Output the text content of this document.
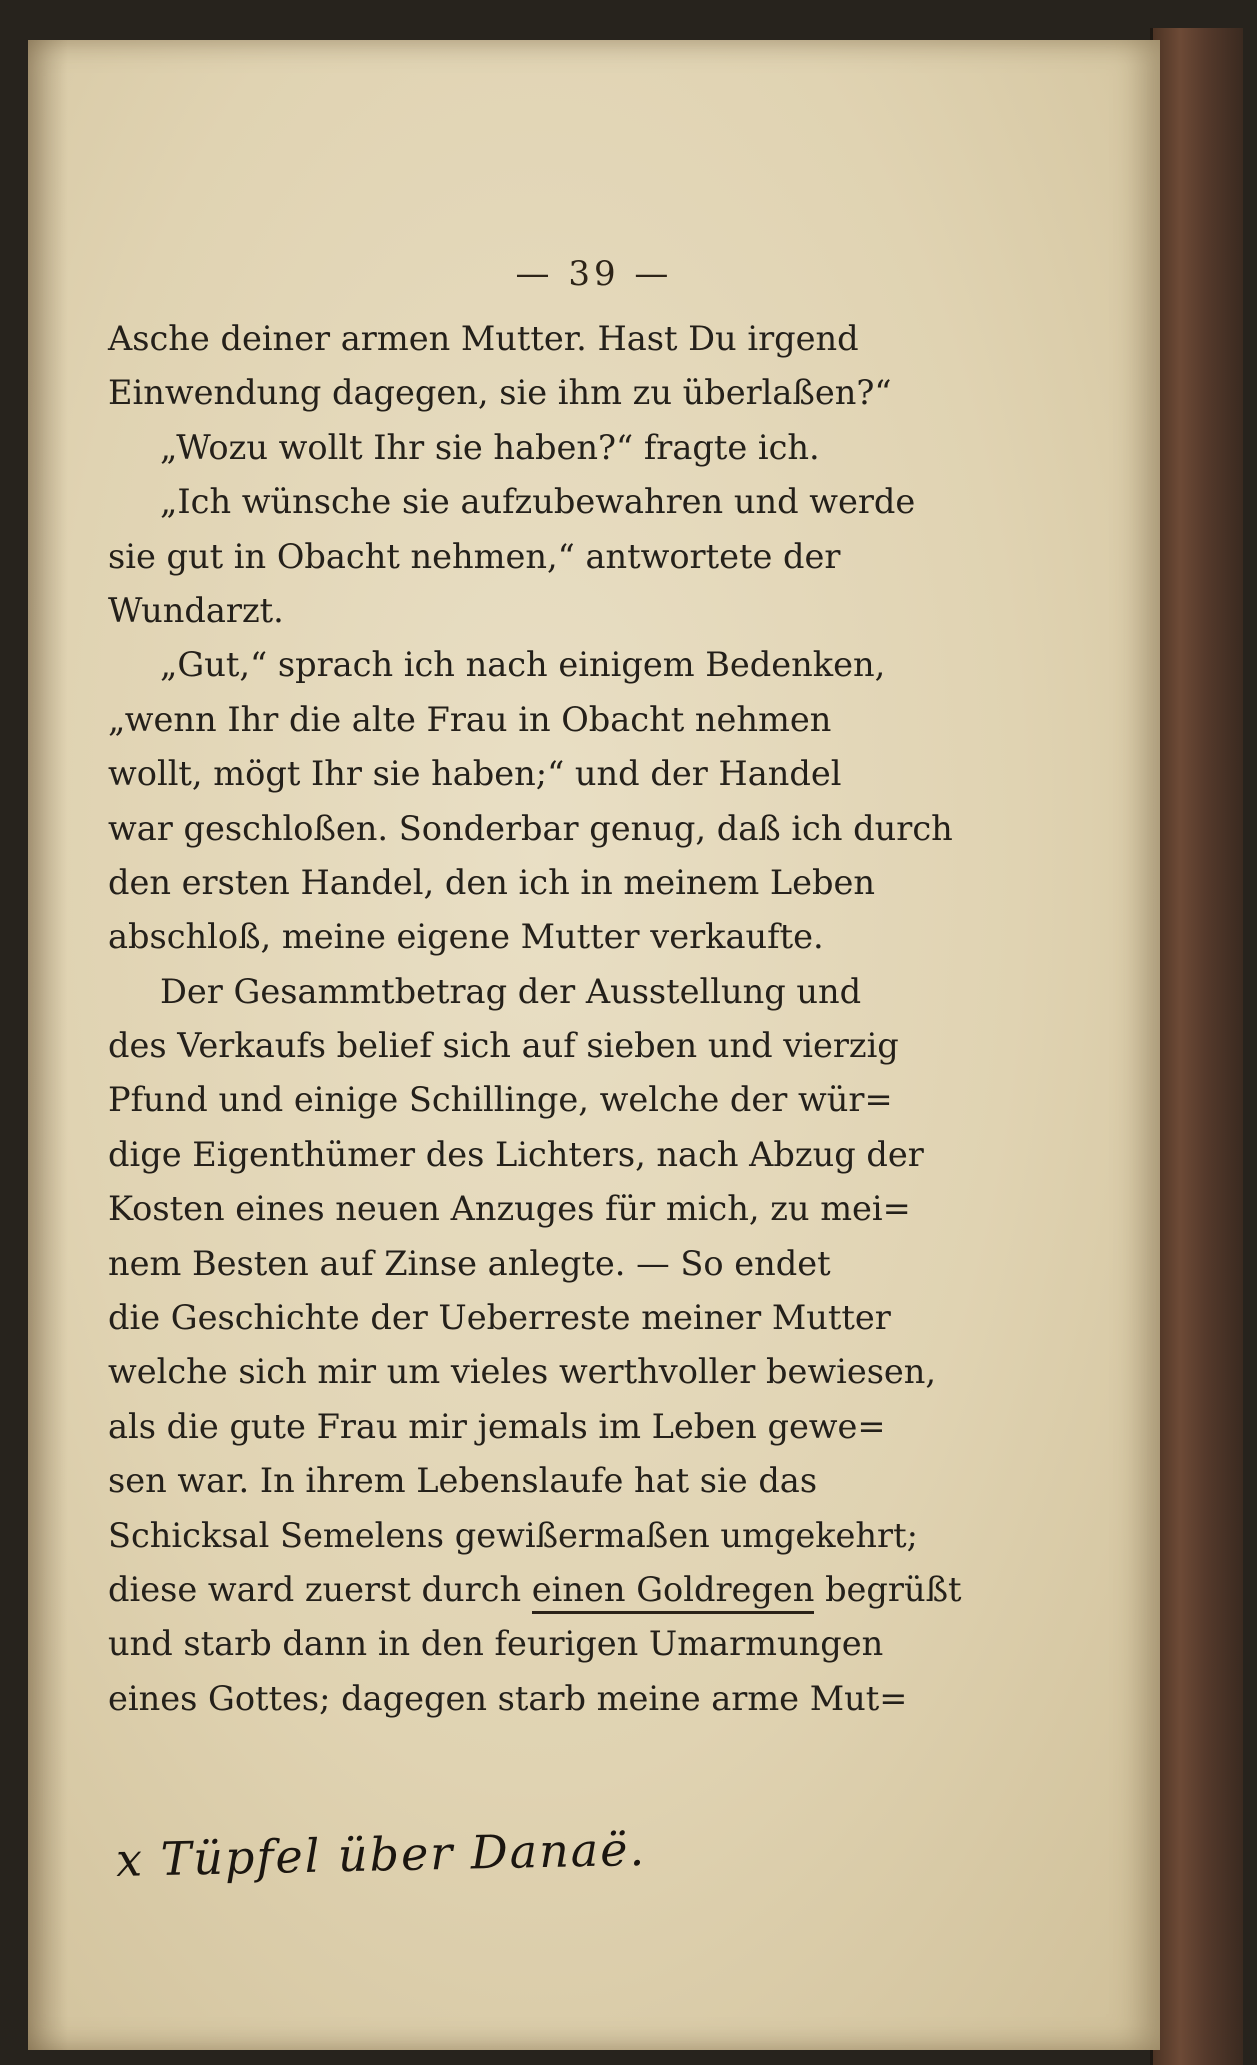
— 39 —
Asche deiner armen Mutter. Hast Du irgend
Einwendung dagegen, sie ihm zu überlaßen?“
„Wozu wollt Ihr sie haben?“ fragte ich.
„Ich wünsche sie aufzubewahren und werde
sie gut in Obacht nehmen,“ antwortete der
Wundarzt.
„Gut,“ sprach ich nach einigem Bedenken,
„wenn Ihr die alte Frau in Obacht nehmen
wollt, mögt Ihr sie haben;“ und der Handel
war geschloßen. Sonderbar genug, daß ich durch
den ersten Handel, den ich in meinem Leben
abschloß, meine eigene Mutter verkaufte.
Der Gesammtbetrag der Ausstellung und
des Verkaufs belief sich auf sieben und vierzig
Pfund und einige Schillinge, welche der wür=
dige Eigenthümer des Lichters, nach Abzug der
Kosten eines neuen Anzuges für mich, zu mei=
nem Besten auf Zinse anlegte. — So endet
die Geschichte der Ueberreste meiner Mutter
welche sich mir um vieles werthvoller bewiesen,
als die gute Frau mir jemals im Leben gewe=
sen war. In ihrem Lebenslaufe hat sie das
Schicksal Semelens gewißermaßen umgekehrt;
diese ward zuerst durch einen Goldregen begrüßt
und starb dann in den feurigen Umarmungen
eines Gottes; dagegen starb meine arme Mut=
x Tüpfel über Danaë.
